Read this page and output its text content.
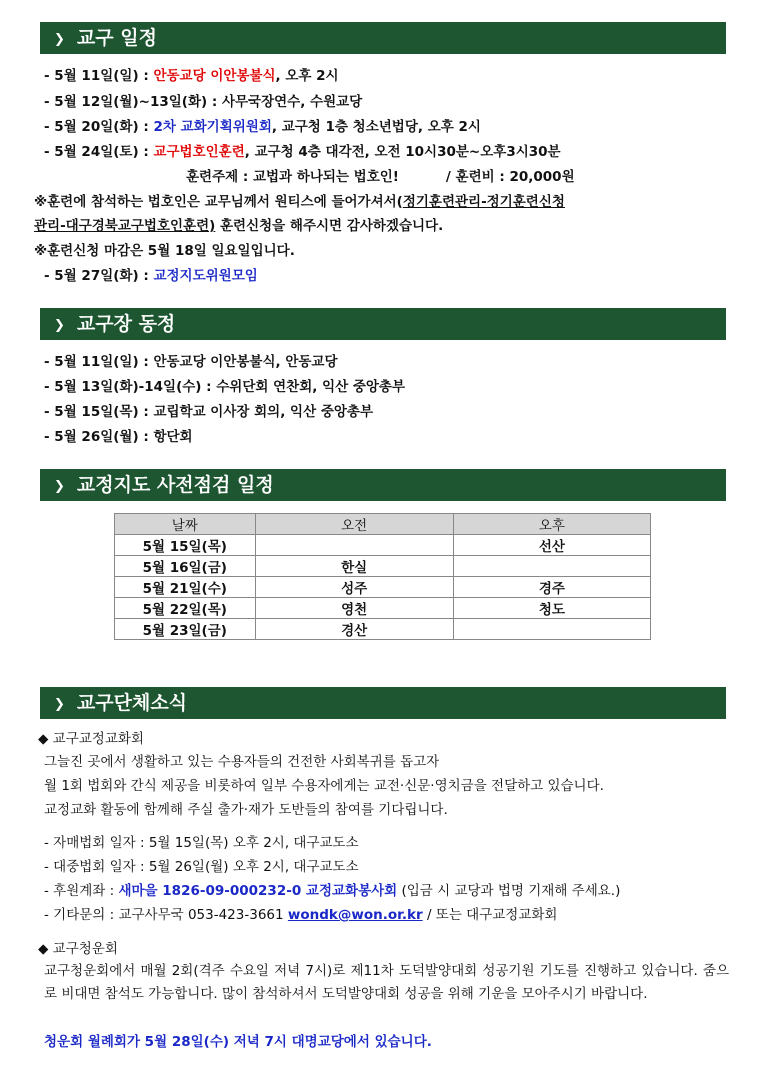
❯ 교구 일정
- 5월 11일(일) : 안동교당 이안봉불식, 오후 2시
- 5월 12일(월)~13일(화) : 사무국장연수, 수원교당
- 5월 20일(화) : 2차 교화기획위원회, 교구청 1층 청소년법당, 오후 2시
- 5월 24일(토) : 교구법호인훈련, 교구청 4층 대각전, 오전 10시30분~오후3시30분
훈련주제 : 교법과 하나되는 법호인!          / 훈련비 : 20,000원
※훈련에 참석하는 법호인은 교무님께서 원티스에 들어가셔서(정기훈련관리-정기훈련신청
관리-대구경북교구법호인훈련) 훈련신청을 해주시면 감사하겠습니다.
※훈련신청 마감은 5월 18일 일요일입니다.
- 5월 27일(화) : 교정지도위원모임
❯ 교구장 동정
- 5월 11일(일) : 안동교당 이안봉불식, 안동교당
- 5월 13일(화)-14일(수) : 수위단회 연찬회, 익산 중앙총부
- 5월 15일(목) : 교립학교 이사장 회의, 익산 중앙총부
- 5월 26일(월) : 항단회
❯ 교정지도 사전점검 일정
날짜	오전	오후
5월 15일(목)		선산
5월 16일(금)	한실	
5월 21일(수)	성주	경주
5월 22일(목)	영천	청도
5월 23일(금)	경산	
❯ 교구단체소식
◆ 교구교정교화회
그늘진 곳에서 생활하고 있는 수용자들의 건전한 사회복귀를 돕고자
월 1회 법회와 간식 제공을 비롯하여 일부 수용자에게는 교전·신문·영치금을 전달하고 있습니다.
교정교화 활동에 함께해 주실 출가·재가 도반들의 참여를 기다립니다.
- 자매법회 일자 : 5월 15일(목) 오후 2시, 대구교도소
- 대중법회 일자 : 5월 26일(월) 오후 2시, 대구교도소
- 후원계좌 : 새마을 1826-09-000232-0 교정교화봉사회 (입금 시 교당과 법명 기재해 주세요.)
- 기타문의 : 교구사무국 053-423-3661 wondk@won.or.kr / 또는 대구교정교화회
◆ 교구청운회
교구청운회에서 매월 2회(격주 수요일 저녁 7시)로 제11차 도덕발양대회 성공기원 기도를 진행하고 있습니다. 줌으로 비대면 참석도 가능합니다. 많이 참석하셔서 도덕발양대회 성공을 위해 기운을 모아주시기 바랍니다.
청운회 월례회가 5월 28일(수) 저녁 7시 대명교당에서 있습니다.
